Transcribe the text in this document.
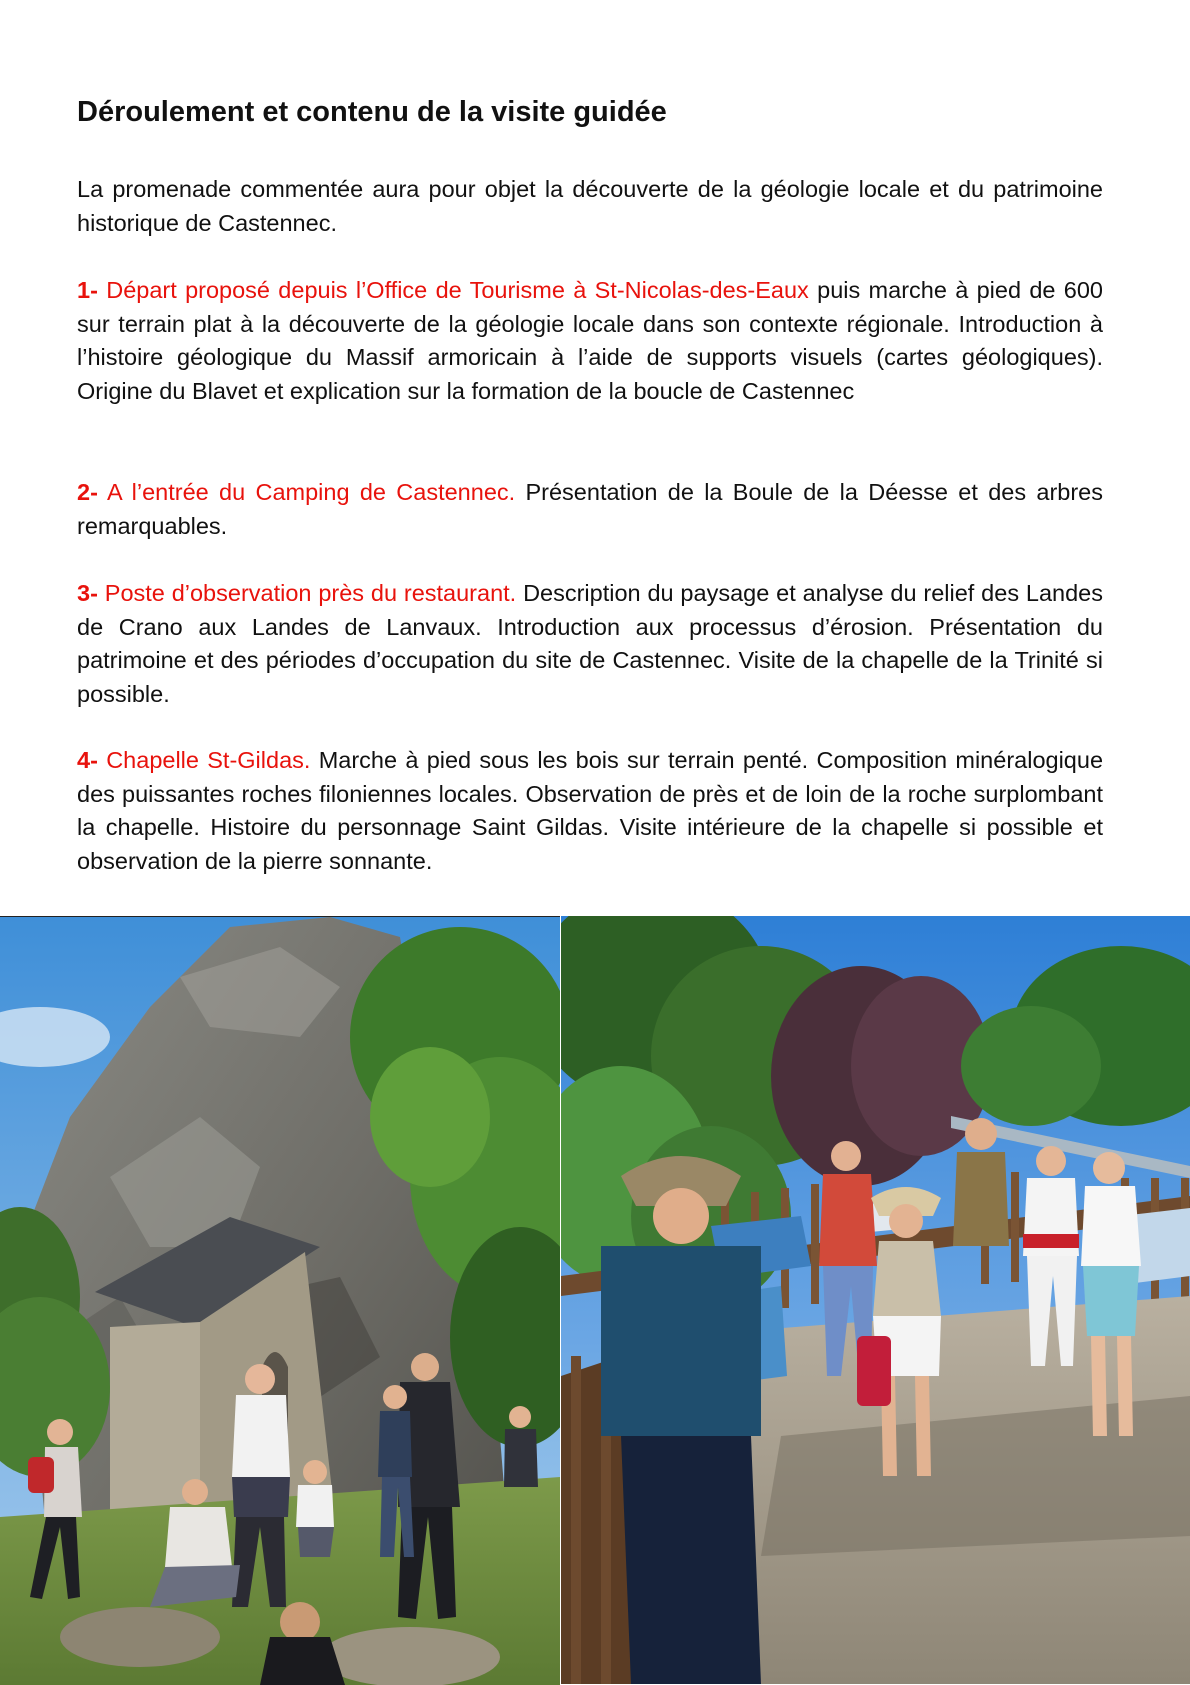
Déroulement et contenu de la visite guidée

La promenade commentée aura pour objet la découverte de la géologie locale et du patrimoine historique de Castennec.

1- Départ proposé depuis l’Office de Tourisme à St-Nicolas-des-Eaux puis marche à pied de 600 sur terrain plat à la découverte de la géologie locale dans son contexte régionale. Introduction à l’histoire géologique du Massif armoricain à l’aide de supports visuels (cartes géologiques). Origine du Blavet et explication sur la formation de la boucle de Castennec

2- A l’entrée du Camping de Castennec. Présentation de la Boule de la Déesse et des arbres remarquables.

3- Poste d’observation près du restaurant. Description du paysage et analyse du relief des Landes de Crano aux Landes de Lanvaux. Introduction aux processus d’érosion. Présentation du patrimoine et des périodes d’occupation du site de Castennec. Visite de la chapelle de la Trinité si possible.

4- Chapelle St-Gildas. Marche à pied sous les bois sur terrain penté. Composition minéralogique des puissantes roches filoniennes locales. Observation de près et de loin de la roche surplombant la chapelle. Histoire du personnage Saint Gildas. Visite intérieure de la chapelle si possible et observation de la pierre sonnante.
